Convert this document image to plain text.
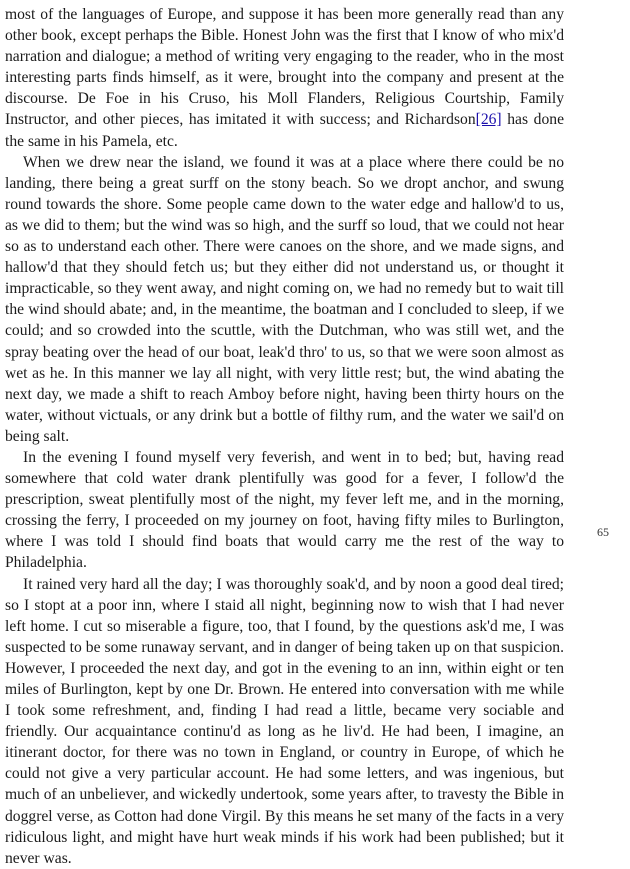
most of the languages of Europe, and suppose it has been more generally read than any other book, except perhaps the Bible. Honest John was the first that I know of who mix'd narration and dialogue; a method of writing very engaging to the reader, who in the most interesting parts finds himself, as it were, brought into the company and present at the discourse. De Foe in his Cruso, his Moll Flanders, Religious Courtship, Family Instructor, and other pieces, has imitated it with success; and Richardson[26] has done the same in his Pamela, etc.

When we drew near the island, we found it was at a place where there could be no landing, there being a great surff on the stony beach. So we dropt anchor, and swung round towards the shore. Some people came down to the water edge and hallow'd to us, as we did to them; but the wind was so high, and the surff so loud, that we could not hear so as to understand each other. There were canoes on the shore, and we made signs, and hallow'd that they should fetch us; but they either did not understand us, or thought it impracticable, so they went away, and night coming on, we had no remedy but to wait till the wind should abate; and, in the meantime, the boatman and I concluded to sleep, if we could; and so crowded into the scuttle, with the Dutchman, who was still wet, and the spray beating over the head of our boat, leak'd thro' to us, so that we were soon almost as wet as he. In this manner we lay all night, with very little rest; but, the wind abating the next day, we made a shift to reach Amboy before night, having been thirty hours on the water, without victuals, or any drink but a bottle of filthy rum, and the water we sail'd on being salt.

In the evening I found myself very feverish, and went in to bed; but, having read somewhere that cold water drank plentifully was good for a fever, I follow'd the prescription, sweat plentifully most of the night, my fever left me, and in the morning, crossing the ferry, I proceeded on my journey on foot, having fifty miles to Burlington, where I was told I should find boats that would carry me the rest of the way to Philadelphia.

It rained very hard all the day; I was thoroughly soak'd, and by noon a good deal tired; so I stopt at a poor inn, where I staid all night, beginning now to wish that I had never left home. I cut so miserable a figure, too, that I found, by the questions ask'd me, I was suspected to be some runaway servant, and in danger of being taken up on that suspicion. However, I proceeded the next day, and got in the evening to an inn, within eight or ten miles of Burlington, kept by one Dr. Brown. He entered into conversation with me while I took some refreshment, and, finding I had read a little, became very sociable and friendly. Our acquaintance continu'd as long as he liv'd. He had been, I imagine, an itinerant doctor, for there was no town in England, or country in Europe, of which he could not give a very particular account. He had some letters, and was ingenious, but much of an unbeliever, and wickedly undertook, some years after, to travesty the Bible in doggrel verse, as Cotton had done Virgil. By this means he set many of the facts in a very ridiculous light, and might have hurt weak minds if his work had been published; but it never was.

65
